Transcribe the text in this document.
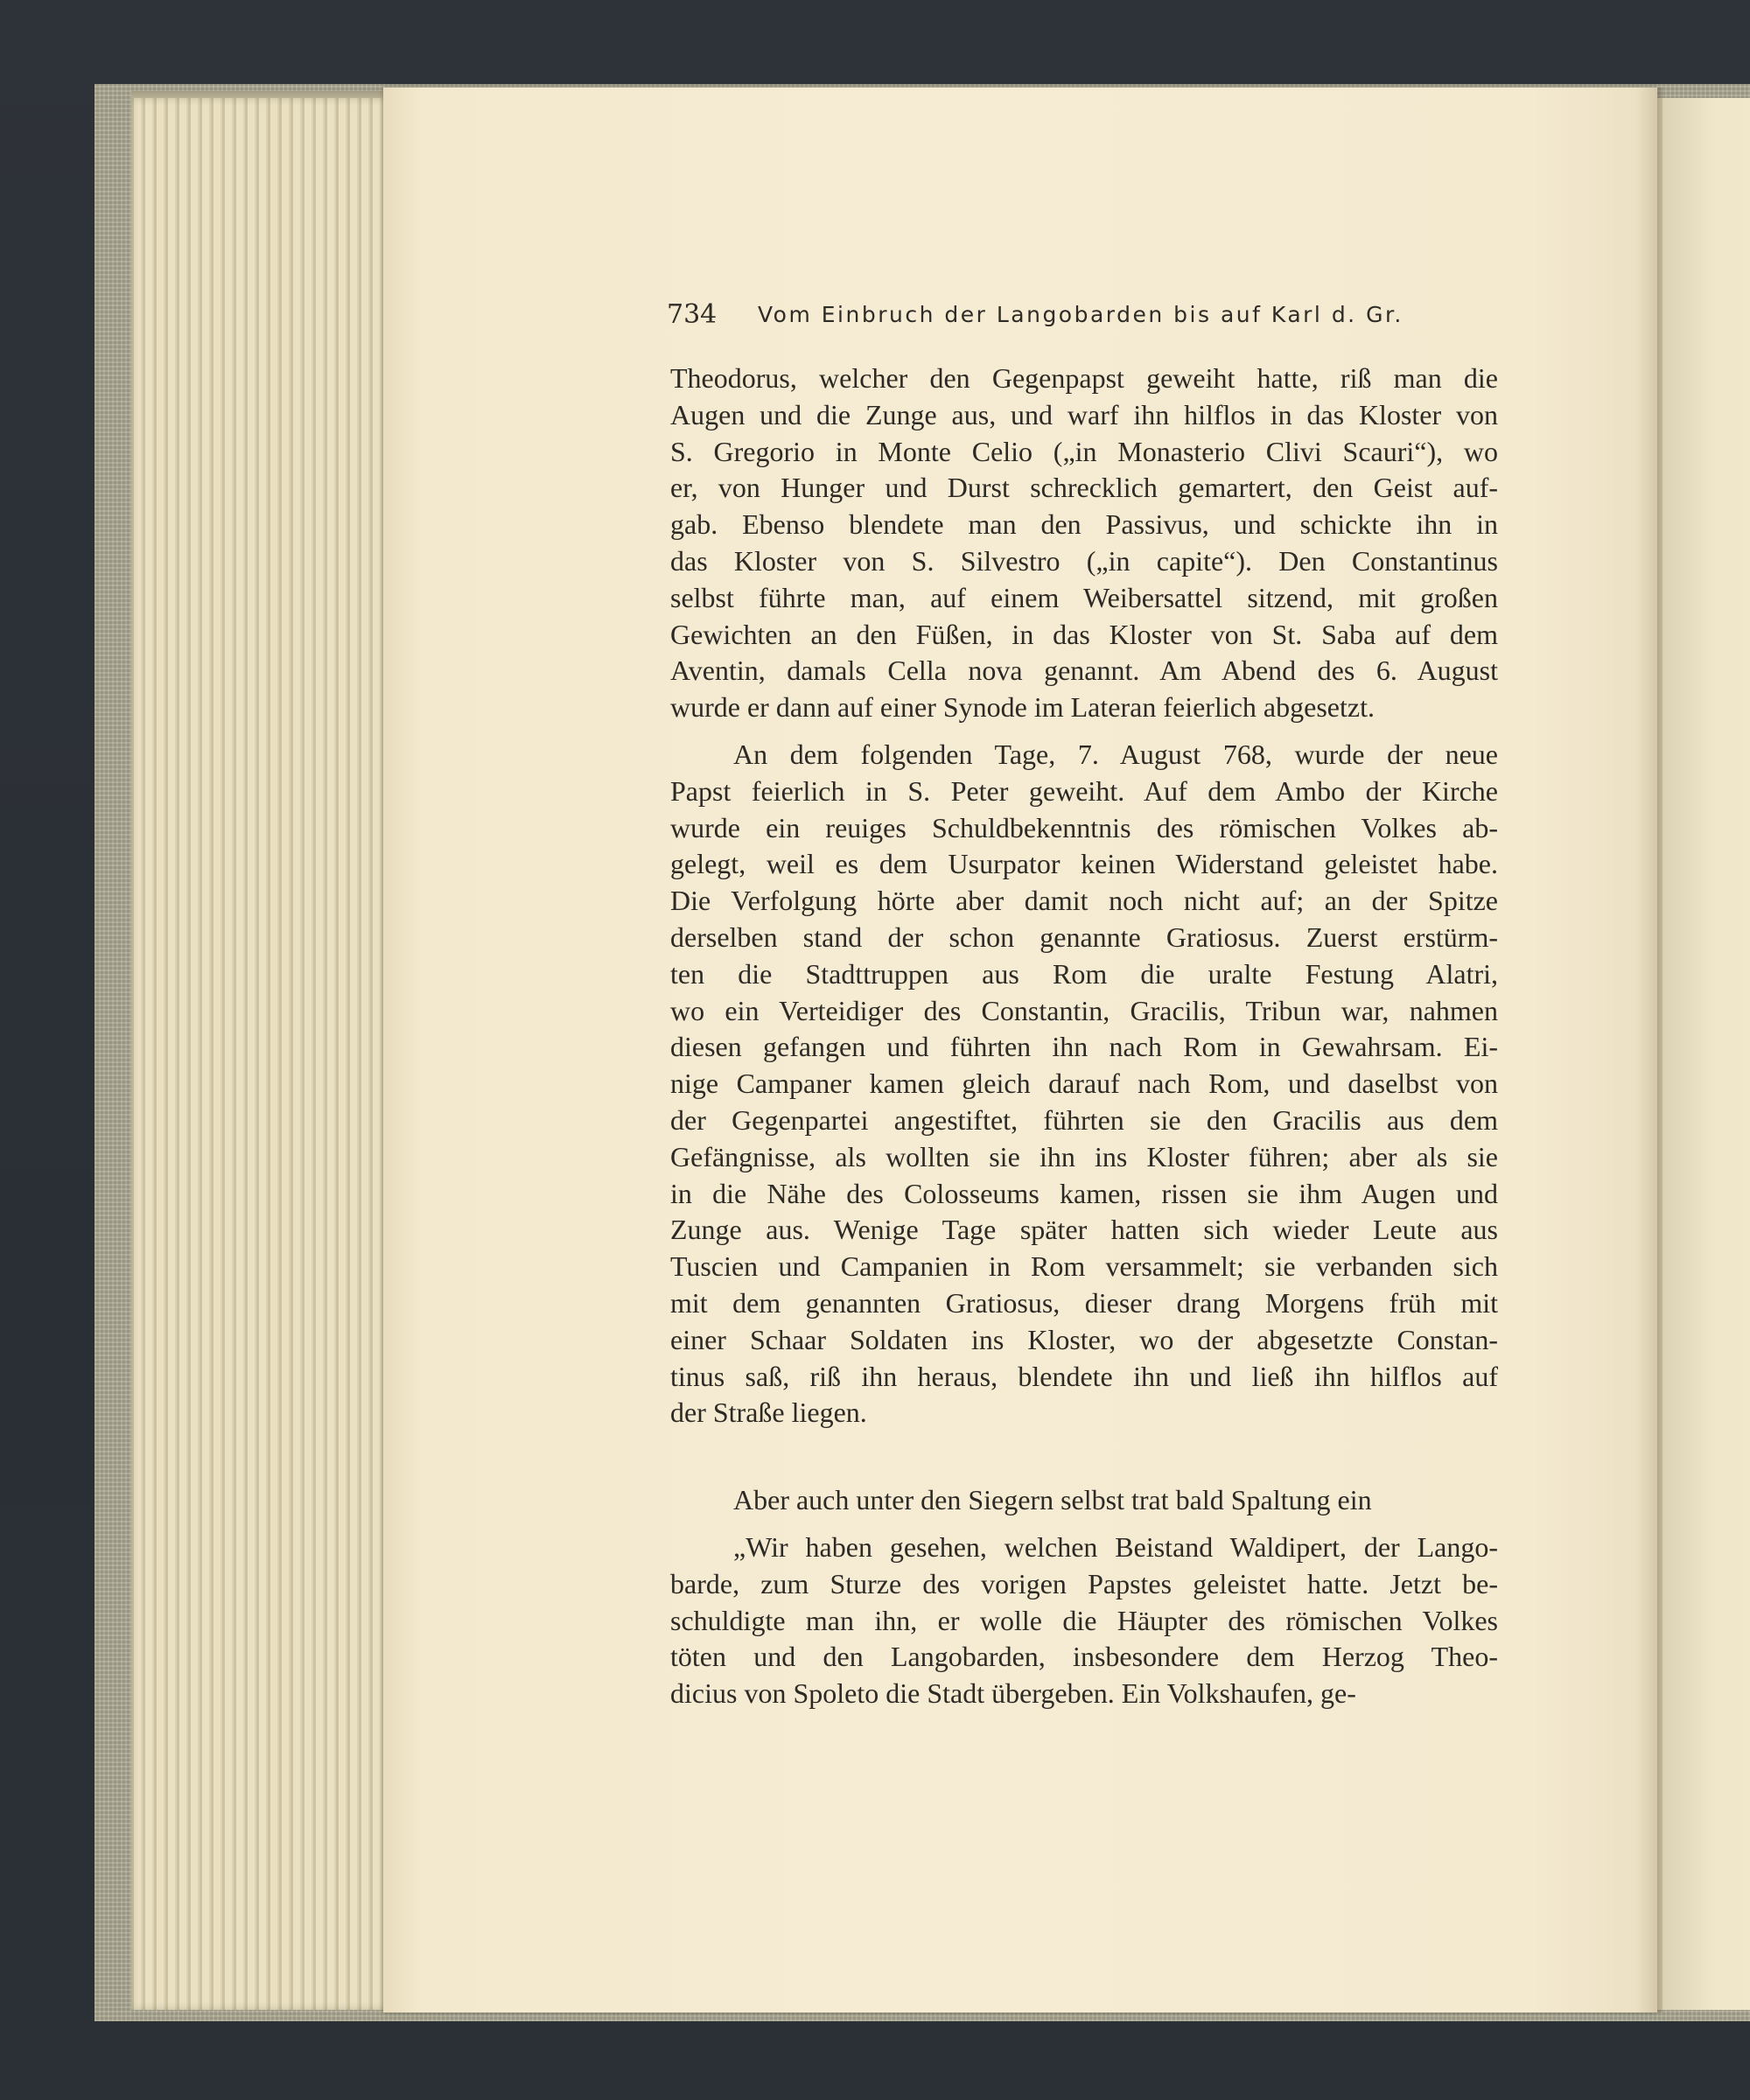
734 Vom Einbruch der Langobarden bis auf Karl d. Gr.
Theodorus, welcher den Gegenpapst geweiht hatte, riß man die
Augen und die Zunge aus, und warf ihn hilflos in das Kloster von
S. Gregorio in Monte Celio („in Monasterio Clivi Scauri“), wo
er, von Hunger und Durst schrecklich gemartert, den Geist auf-
gab. Ebenso blendete man den Passivus, und schickte ihn in
das Kloster von S. Silvestro („in capite“). Den Constantinus
selbst führte man, auf einem Weibersattel sitzend, mit großen
Gewichten an den Füßen, in das Kloster von St. Saba auf dem
Aventin, damals Cella nova genannt. Am Abend des 6. August
wurde er dann auf einer Synode im Lateran feierlich abgesetzt.
An dem folgenden Tage, 7. August 768, wurde der neue
Papst feierlich in S. Peter geweiht. Auf dem Ambo der Kirche
wurde ein reuiges Schuldbekenntnis des römischen Volkes ab-
gelegt, weil es dem Usurpator keinen Widerstand geleistet habe.
Die Verfolgung hörte aber damit noch nicht auf; an der Spitze
derselben stand der schon genannte Gratiosus. Zuerst erstürm-
ten die Stadttruppen aus Rom die uralte Festung Alatri,
wo ein Verteidiger des Constantin, Gracilis, Tribun war, nahmen
diesen gefangen und führten ihn nach Rom in Gewahrsam. Ei-
nige Campaner kamen gleich darauf nach Rom, und daselbst von
der Gegenpartei angestiftet, führten sie den Gracilis aus dem
Gefängnisse, als wollten sie ihn ins Kloster führen; aber als sie
in die Nähe des Colosseums kamen, rissen sie ihm Augen und
Zunge aus. Wenige Tage später hatten sich wieder Leute aus
Tuscien und Campanien in Rom versammelt; sie verbanden sich
mit dem genannten Gratiosus, dieser drang Morgens früh mit
einer Schaar Soldaten ins Kloster, wo der abgesetzte Constan-
tinus saß, riß ihn heraus, blendete ihn und ließ ihn hilflos auf
der Straße liegen.
Aber auch unter den Siegern selbst trat bald Spaltung ein
„Wir haben gesehen, welchen Beistand Waldipert, der Lango-
barde, zum Sturze des vorigen Papstes geleistet hatte. Jetzt be-
schuldigte man ihn, er wolle die Häupter des römischen Volkes
töten und den Langobarden, insbesondere dem Herzog Theo-
dicius von Spoleto die Stadt übergeben. Ein Volkshaufen, ge-
